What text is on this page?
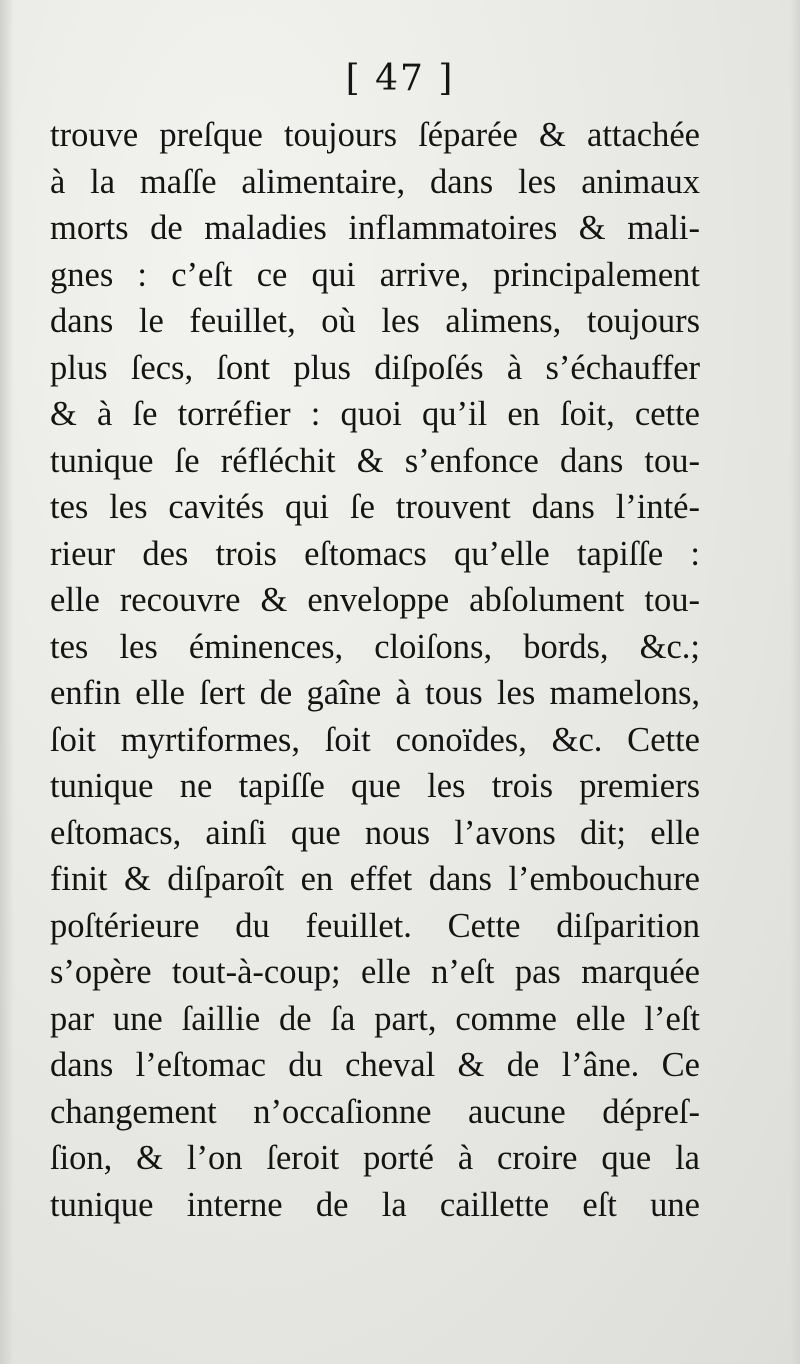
[ 47 ]
trouve preſque toujours ſéparée & attachée
à la maſſe alimentaire, dans les animaux
morts de maladies inflammatoires & mali-
gnes : c’eſt ce qui arrive, principalement
dans le feuillet, où les alimens, toujours
plus ſecs, ſont plus diſpoſés à s’échauffer
& à ſe torréfier : quoi qu’il en ſoit, cette
tunique ſe réfléchit & s’enfonce dans tou-
tes les cavités qui ſe trouvent dans l’inté-
rieur des trois eſtomacs qu’elle tapiſſe :
elle recouvre & enveloppe abſolument tou-
tes les éminences, cloiſons, bords, &c.;
enfin elle ſert de gaîne à tous les mamelons,
ſoit myrtiformes, ſoit conoïdes, &c. Cette
tunique ne tapiſſe que les trois premiers
eſtomacs, ainſi que nous l’avons dit; elle
finit & diſparoît en effet dans l’embouchure
poſtérieure du feuillet. Cette diſparition
s’opère tout-à-coup; elle n’eſt pas marquée
par une ſaillie de ſa part, comme elle l’eſt
dans l’eſtomac du cheval & de l’âne. Ce
changement n’occaſionne aucune dépreſ-
ſion, & l’on ſeroit porté à croire que la
tunique interne de la caillette eſt une
